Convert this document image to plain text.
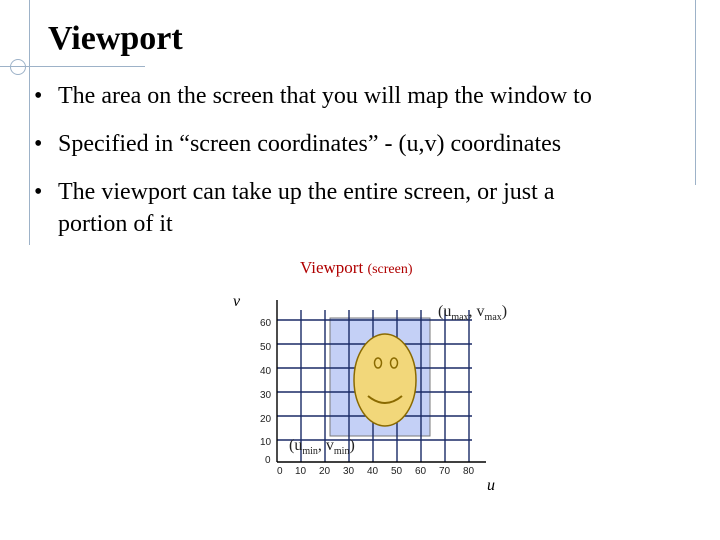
Viewport
• The area on the screen that you will map the window to
• Specified in “screen coordinates” - (u,v) coordinates
• The viewport can take up the entire screen, or just a
portion of it
Viewport (screen)
v
u
60
50
40
30
20
10
0
0 10 20 30 40 50 60 70 80
($u_{max}$, $v_{max}$)
($u_{min}$, $v_{min}$)
